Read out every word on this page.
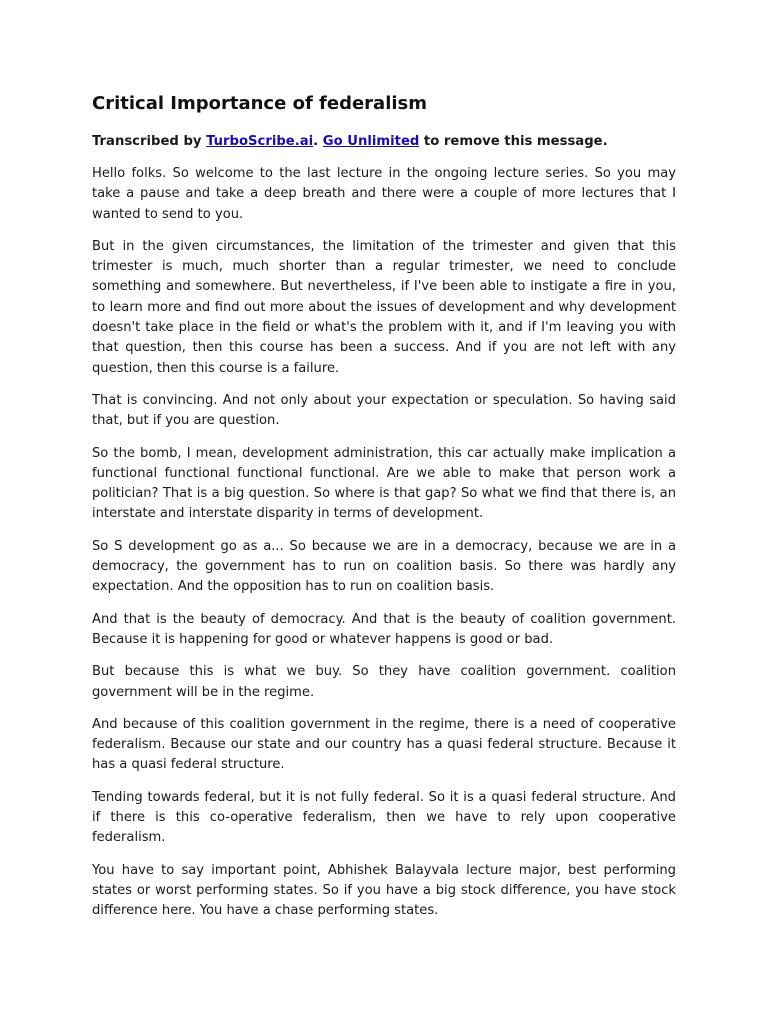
Critical Importance of federalism
Transcribed by TurboScribe.ai. Go Unlimited to remove this message.

Hello folks. So welcome to the last lecture in the ongoing lecture series. So you may take a pause and take a deep breath and there were a couple of more lectures that I wanted to send to you.

But in the given circumstances, the limitation of the trimester and given that this trimester is much, much shorter than a regular trimester, we need to conclude something and somewhere. But nevertheless, if I've been able to instigate a fire in you, to learn more and find out more about the issues of development and why development doesn't take place in the field or what's the problem with it, and if I'm leaving you with that question, then this course has been a success. And if you are not left with any question, then this course is a failure.

That is convincing. And not only about your expectation or speculation. So having said that, but if you are question.

So the bomb, I mean, development administration, this car actually make implication a functional functional functional functional. Are we able to make that person work a politician? That is a big question. So where is that gap? So what we find that there is, an interstate and interstate disparity in terms of development.

So S development go as a... So because we are in a democracy, because we are in a democracy, the government has to run on coalition basis. So there was hardly any expectation. And the opposition has to run on coalition basis.

And that is the beauty of democracy. And that is the beauty of coalition government. Because it is happening for good or whatever happens is good or bad.

But because this is what we buy. So they have coalition government. coalition government will be in the regime.

And because of this coalition government in the regime, there is a need of cooperative federalism. Because our state and our country has a quasi federal structure. Because it has a quasi federal structure.

Tending towards federal, but it is not fully federal. So it is a quasi federal structure. And if there is this co-operative federalism, then we have to rely upon cooperative federalism.

You have to say important point, Abhishek Balayvala lecture major, best performing states or worst performing states. So if you have a big stock difference, you have stock difference here. You have a chase performing states.
